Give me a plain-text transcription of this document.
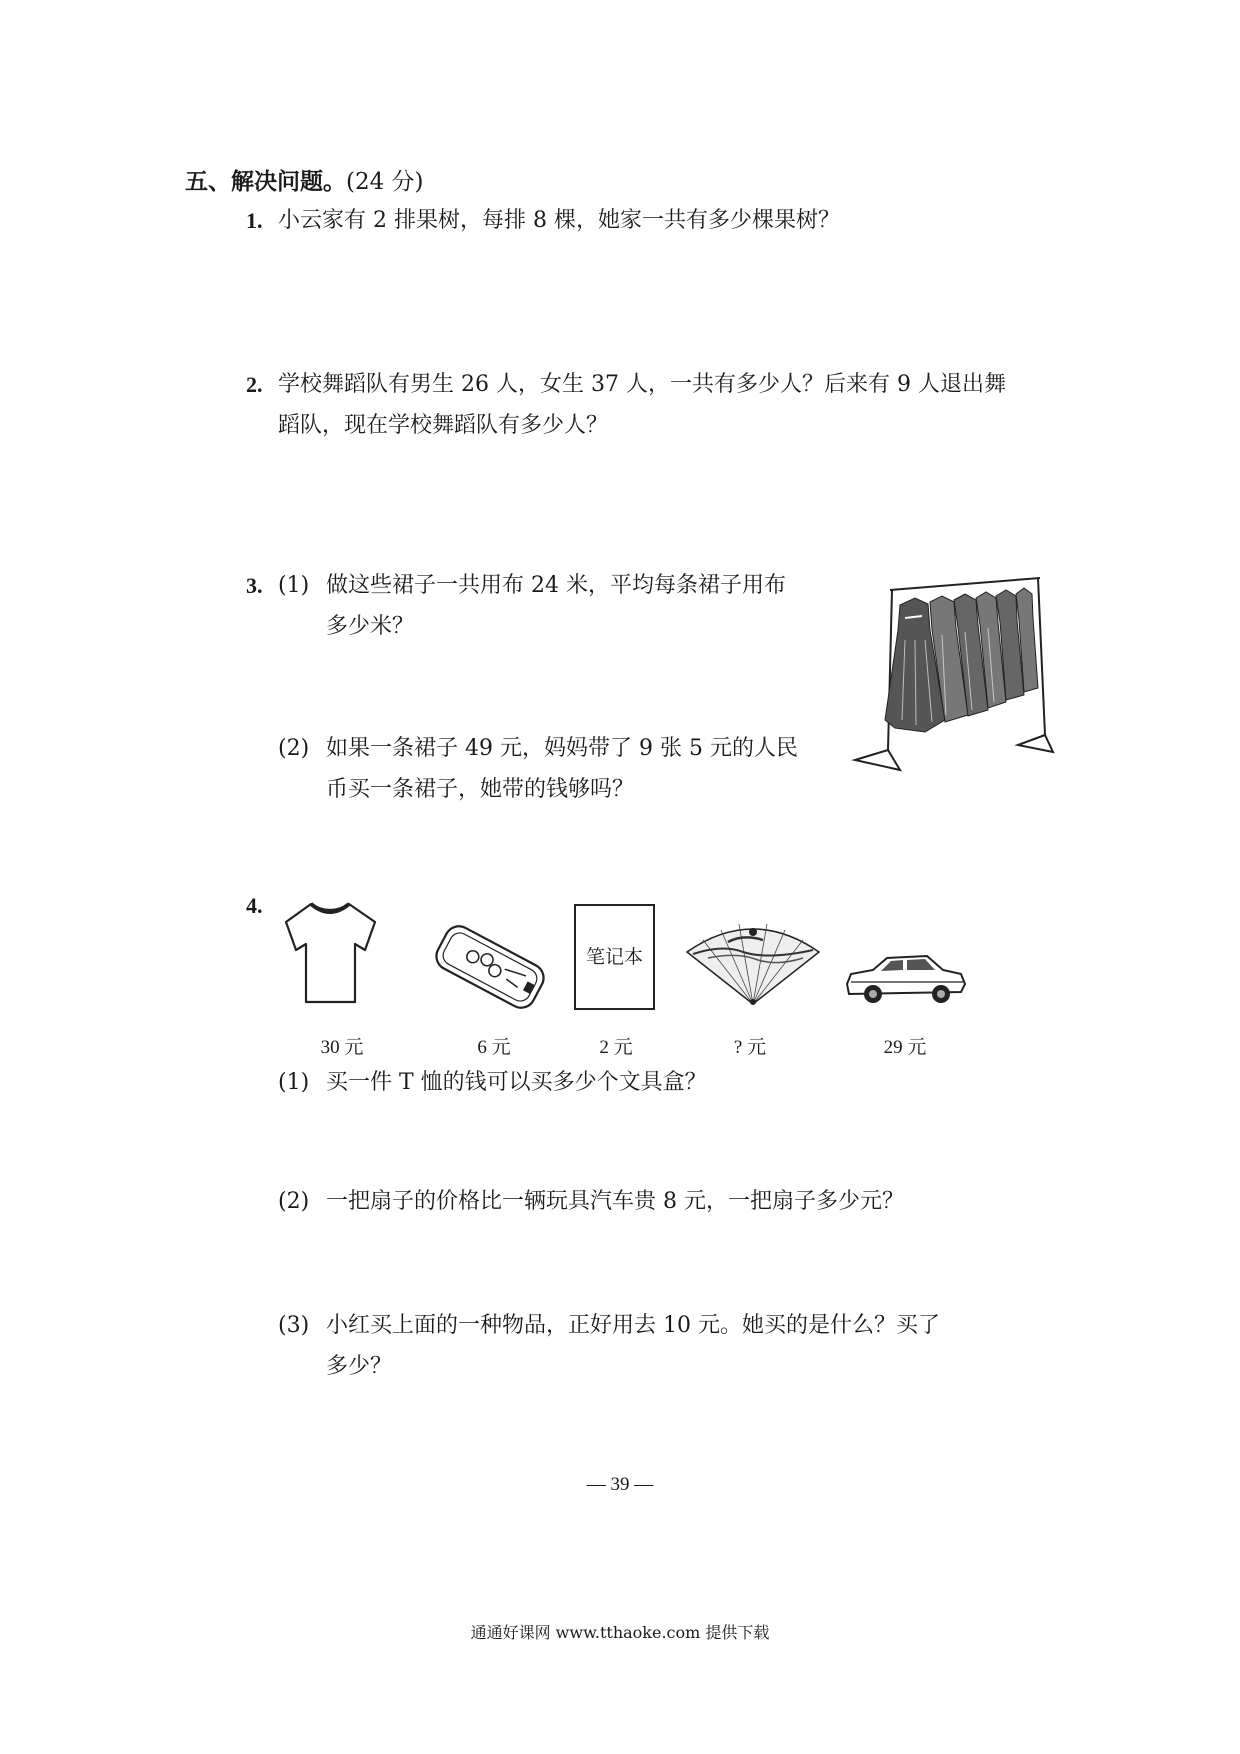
五、解决问题。(24 分)
1. 小云家有 2 排果树，每排 8 棵，她家一共有多少棵果树？
2. 学校舞蹈队有男生 26 人，女生 37 人，一共有多少人？后来有 9 人退出舞
蹈队，现在学校舞蹈队有多少人？
3. (1) 做这些裙子一共用布 24 米，平均每条裙子用布
多少米？
(2) 如果一条裙子 49 元，妈妈带了 9 张 5 元的人民
币买一条裙子，她带的钱够吗？
4.
笔记本
30 元	6 元	2 元	? 元	29 元
(1) 买一件 T 恤的钱可以买多少个文具盒？
(2) 一把扇子的价格比一辆玩具汽车贵 8 元，一把扇子多少元？
(3) 小红买上面的一种物品，正好用去 10 元。她买的是什么？买了
多少？
— 39 —
通通好课网 www.tthaoke.com 提供下载
